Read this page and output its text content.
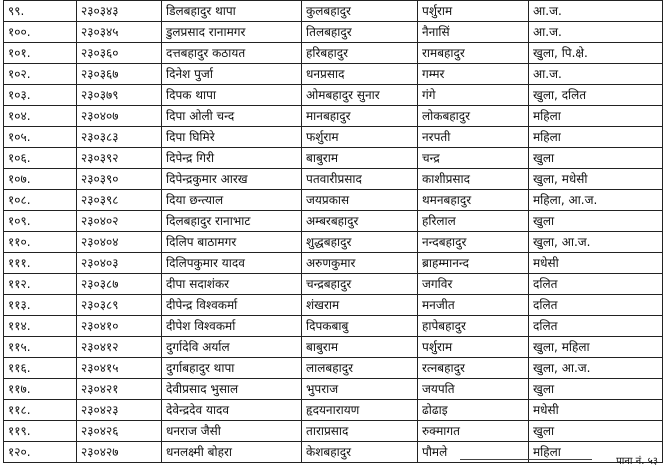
९९.	२३०३४३	डिलबहादुर थापा	कुलबहादुर	पर्शुराम	आ.ज.
१००.	२३०३४५	डुलप्रसाद रानामगर	तिलबहादुर	नैनासिं	आ.ज.
१०१.	२३०३६०	दत्तबहादुर कठायत	हरिबहादुर	रामबहादुर	खुला, पि.क्षे.
१०२.	२३०३६७	दिनेश पुर्जा	धनप्रसाद	गम्मर	आ.ज.
१०३.	२३०३७९	दिपक थापा	ओमबहादुर सुनार	गंगे	खुला, दलित
१०४.	२३०४०७	दिपा ओली चन्द	मानबहादुर	लोकबहादुर	महिला
१०५.	२३०३८३	दिपा घिमिरे	फर्शुराम	नरपती	महिला
१०६.	२३०३९२	दिपेन्द्र गिरी	बाबुराम	चन्द्र	खुला
१०७.	२३०३९०	दिपेन्द्रकुमार आरख	पतवारीप्रसाद	काशीप्रसाद	खुला, मधेसी
१०८.	२३०३९८	दिया छन्त्याल	जयप्रकास	थमनबहादुर	महिला, आ.ज.
१०९.	२३०४०२	दिलबहादुर रानाभाट	अम्बरबहादुर	हरिलाल	खुला
११०.	२३०४०४	दिलिप बाठामगर	शुद्धबहादुर	नन्दबहादुर	खुला, आ.ज.
१११.	२३०४०३	दिलिपकुमार यादव	अरुणकुमार	ब्राहम्मानन्द	मधेसी
११२.	२३०३८७	दीपा सदाशंकर	चन्द्रबहादुर	जगविर	दलित
११३.	२३०३८९	दीपेन्द्र विश्वकर्मा	शंखराम	मनजीत	दलित
११४.	२३०४१०	दीपेश विश्वकर्मा	दिपकबाबु	हापेबहादुर	दलित
११५.	२३०४१२	दुर्गादेवि अर्याल	बाबुराम	पर्शुराम	खुला, महिला
११६.	२३०४१५	दुर्गाबहादुर थापा	लालबहादुर	रत्नबहादुर	खुला, आ.ज.
११७.	२३०४२१	देवीप्रसाद भुसाल	भुपराज	जयपति	खुला
११८.	२३०४२३	देवेन्द्रदेव यादव	हृदयनारायण	ढोढाइ	मधेसी
११९.	२३०४२६	धनराज जैसी	ताराप्रसाद	रुक्मागत	खुला
१२०.	२३०४२७	धनलक्ष्मी बोहरा	केशबहादुर	पौमले	महिला
पाना नं. ५३
